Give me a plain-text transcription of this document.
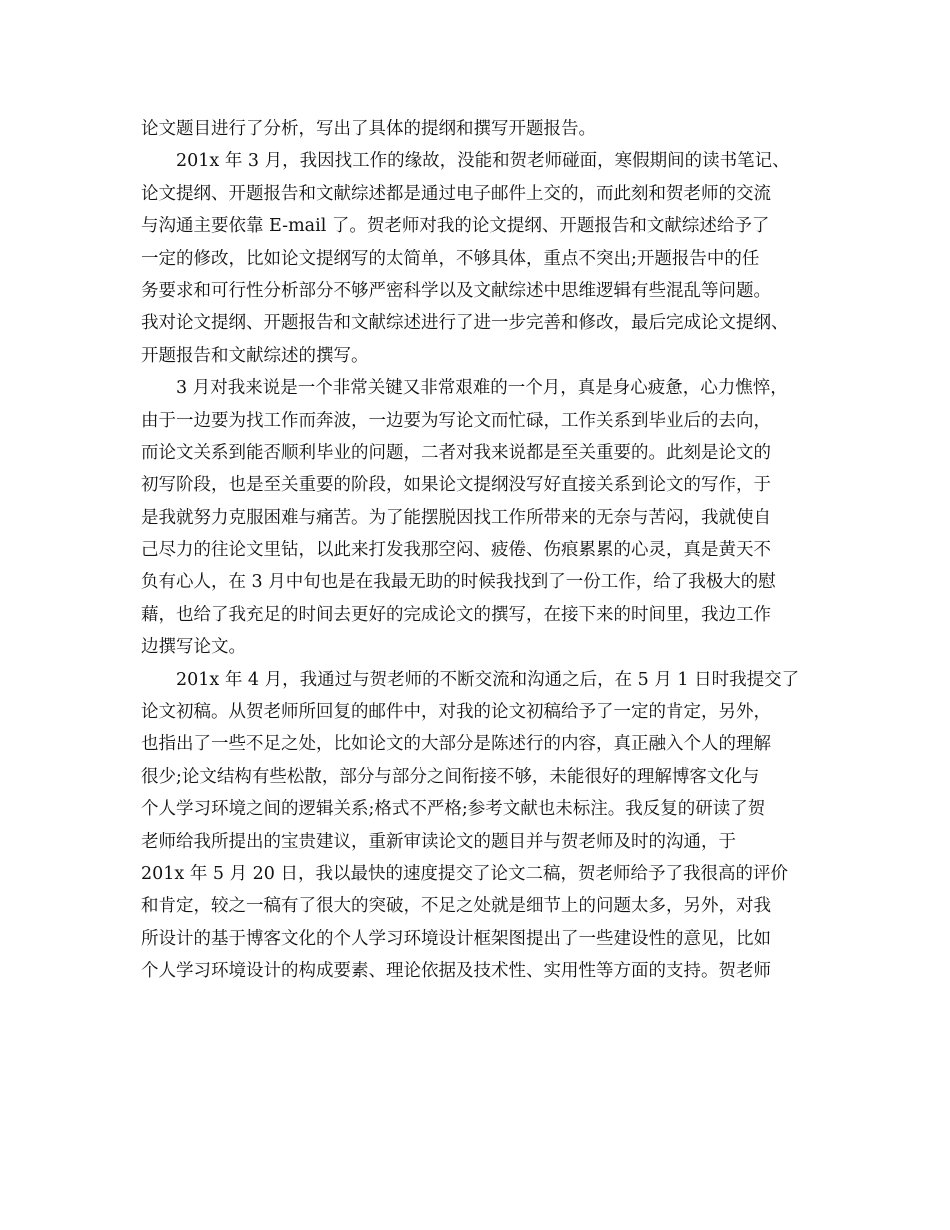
论文题目进行了分析，写出了具体的提纲和撰写开题报告。
201x 年 3 月，我因找工作的缘故，没能和贺老师碰面，寒假期间的读书笔记、
论文提纲、开题报告和文献综述都是通过电子邮件上交的，而此刻和贺老师的交流
与沟通主要依靠 E-mail 了。贺老师对我的论文提纲、开题报告和文献综述给予了
一定的修改，比如论文提纲写的太简单，不够具体，重点不突出;开题报告中的任
务要求和可行性分析部分不够严密科学以及文献综述中思维逻辑有些混乱等问题。
我对论文提纲、开题报告和文献综述进行了进一步完善和修改，最后完成论文提纲、
开题报告和文献综述的撰写。
3 月对我来说是一个非常关键又非常艰难的一个月，真是身心疲惫，心力憔悴，
由于一边要为找工作而奔波，一边要为写论文而忙碌，工作关系到毕业后的去向，
而论文关系到能否顺利毕业的问题，二者对我来说都是至关重要的。此刻是论文的
初写阶段，也是至关重要的阶段，如果论文提纲没写好直接关系到论文的写作，于
是我就努力克服困难与痛苦。为了能摆脱因找工作所带来的无奈与苦闷，我就使自
己尽力的往论文里钻，以此来打发我那空闷、疲倦、伤痕累累的心灵，真是黄天不
负有心人，在 3 月中旬也是在我最无助的时候我找到了一份工作，给了我极大的慰
藉，也给了我充足的时间去更好的完成论文的撰写，在接下来的时间里，我边工作
边撰写论文。
201x 年 4 月，我通过与贺老师的不断交流和沟通之后，在 5 月 1 日时我提交了
论文初稿。从贺老师所回复的邮件中，对我的论文初稿给予了一定的肯定，另外，
也指出了一些不足之处，比如论文的大部分是陈述行的内容，真正融入个人的理解
很少;论文结构有些松散，部分与部分之间衔接不够，未能很好的理解博客文化与
个人学习环境之间的逻辑关系;格式不严格;参考文献也未标注。我反复的研读了贺
老师给我所提出的宝贵建议，重新审读论文的题目并与贺老师及时的沟通，于
201x 年 5 月 20 日，我以最快的速度提交了论文二稿，贺老师给予了我很高的评价
和肯定，较之一稿有了很大的突破，不足之处就是细节上的问题太多，另外，对我
所设计的基于博客文化的个人学习环境设计框架图提出了一些建设性的意见，比如
个人学习环境设计的构成要素、理论依据及技术性、实用性等方面的支持。贺老师
